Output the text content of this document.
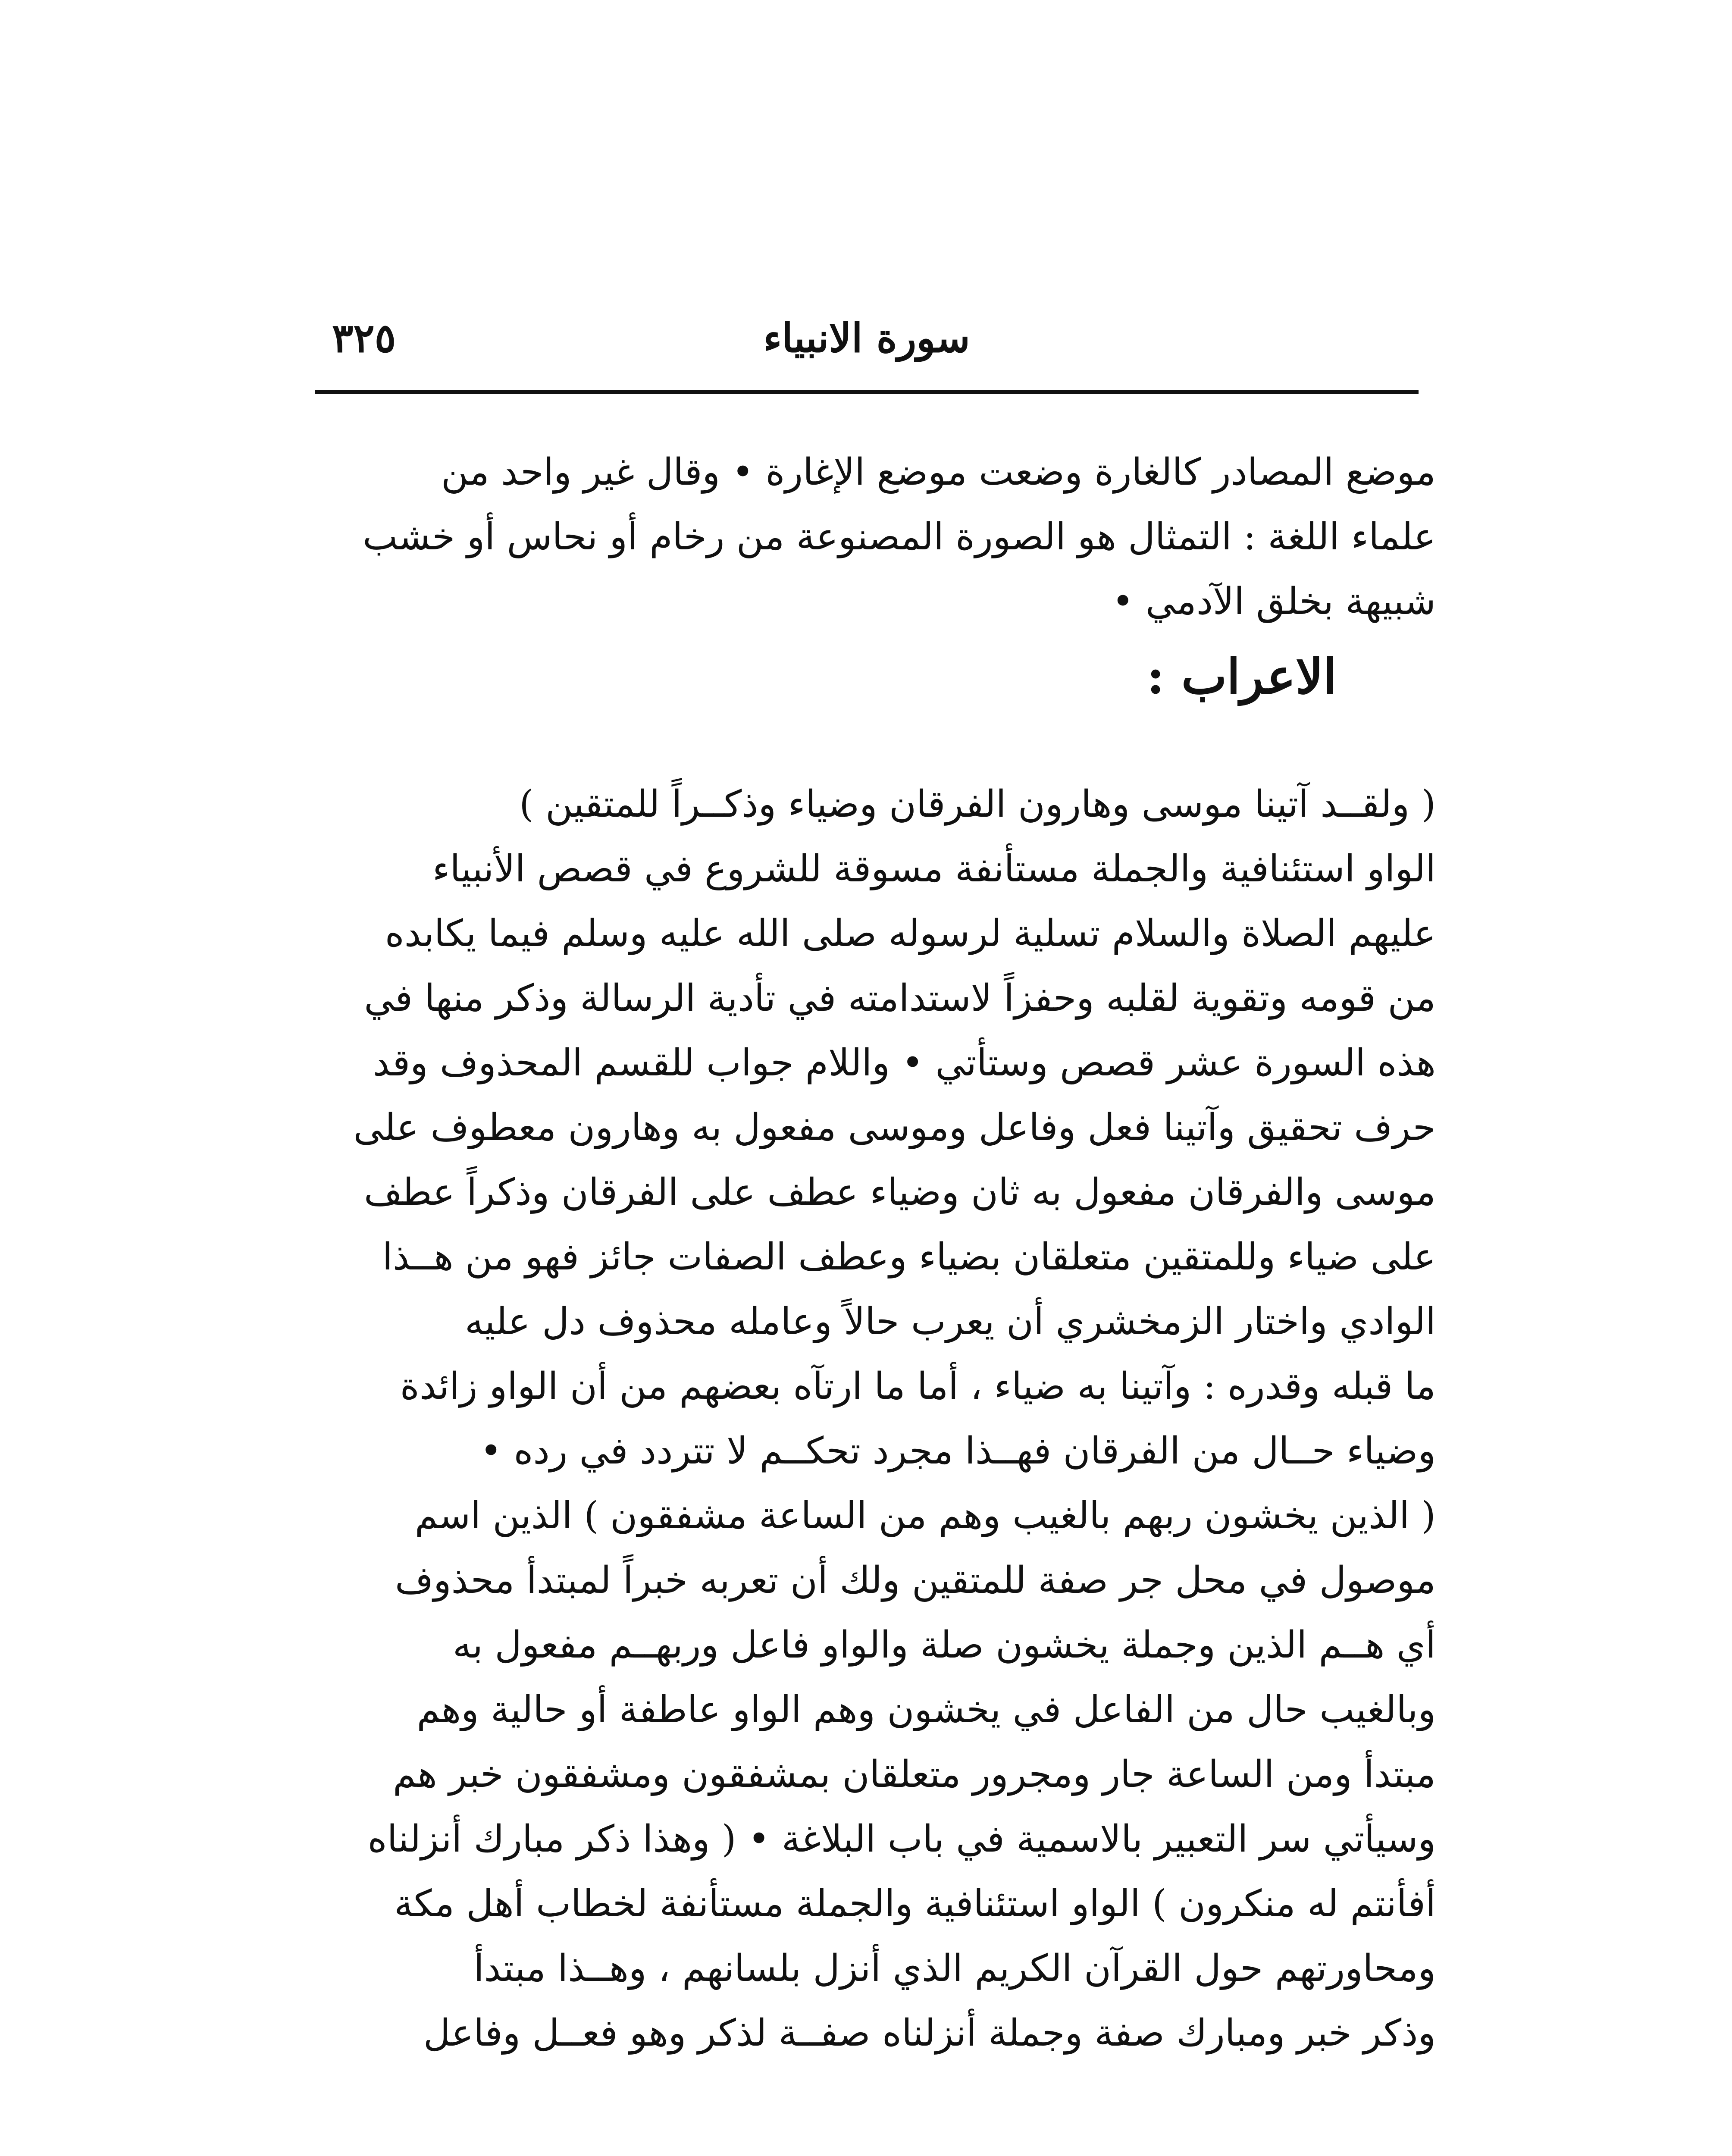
سورة الانبياء
٣٢٥
موضع المصادر كالغارة وضعت موضع الإغارة • وقال غير واحد من
علماء اللغة : التمثال هو الصورة المصنوعة من رخام أو نحاس أو خشب
شبيهة بخلق الآدمي •
الاعراب :
( ولقــد آتينا موسى وهارون الفرقان وضياء وذكــراً للمتقين )
الواو استئنافية والجملة مستأنفة مسوقة للشروع في قصص الأنبياء
عليهم الصلاة والسلام تسلية لرسوله صلى الله عليه وسلم فيما يكابده
من قومه وتقوية لقلبه وحفزاً لاستدامته في تأدية الرسالة وذكر منها في
هذه السورة عشر قصص وستأتي • واللام جواب للقسم المحذوف وقد
حرف تحقيق وآتينا فعل وفاعل وموسى مفعول به وهارون معطوف على
موسى والفرقان مفعول به ثان وضياء عطف على الفرقان وذكراً عطف
على ضياء وللمتقين متعلقان بضياء وعطف الصفات جائز فهو من هــذا
الوادي واختار الزمخشري أن يعرب حالاً وعامله محذوف دل عليه
ما قبله وقدره : وآتينا به ضياء ، أما ما ارتآه بعضهم من أن الواو زائدة
وضياء حــال من الفرقان فهــذا مجرد تحكــم لا تتردد في رده •
( الذين يخشون ربهم بالغيب وهم من الساعة مشفقون ) الذين اسم
موصول في محل جر صفة للمتقين ولك أن تعربه خبراً لمبتدأ محذوف
أي هــم الذين وجملة يخشون صلة والواو فاعل وربهــم مفعول به
وبالغيب حال من الفاعل في يخشون وهم الواو عاطفة أو حالية وهم
مبتدأ ومن الساعة جار ومجرور متعلقان بمشفقون ومشفقون خبر هم
وسيأتي سر التعبير بالاسمية في باب البلاغة • ( وهذا ذكر مبارك أنزلناه
أفأنتم له منكرون ) الواو استئنافية والجملة مستأنفة لخطاب أهل مكة
ومحاورتهم حول القرآن الكريم الذي أنزل بلسانهم ، وهــذا مبتدأ
وذكر خبر ومبارك صفة وجملة أنزلناه صفــة لذكر وهو فعــل وفاعل
